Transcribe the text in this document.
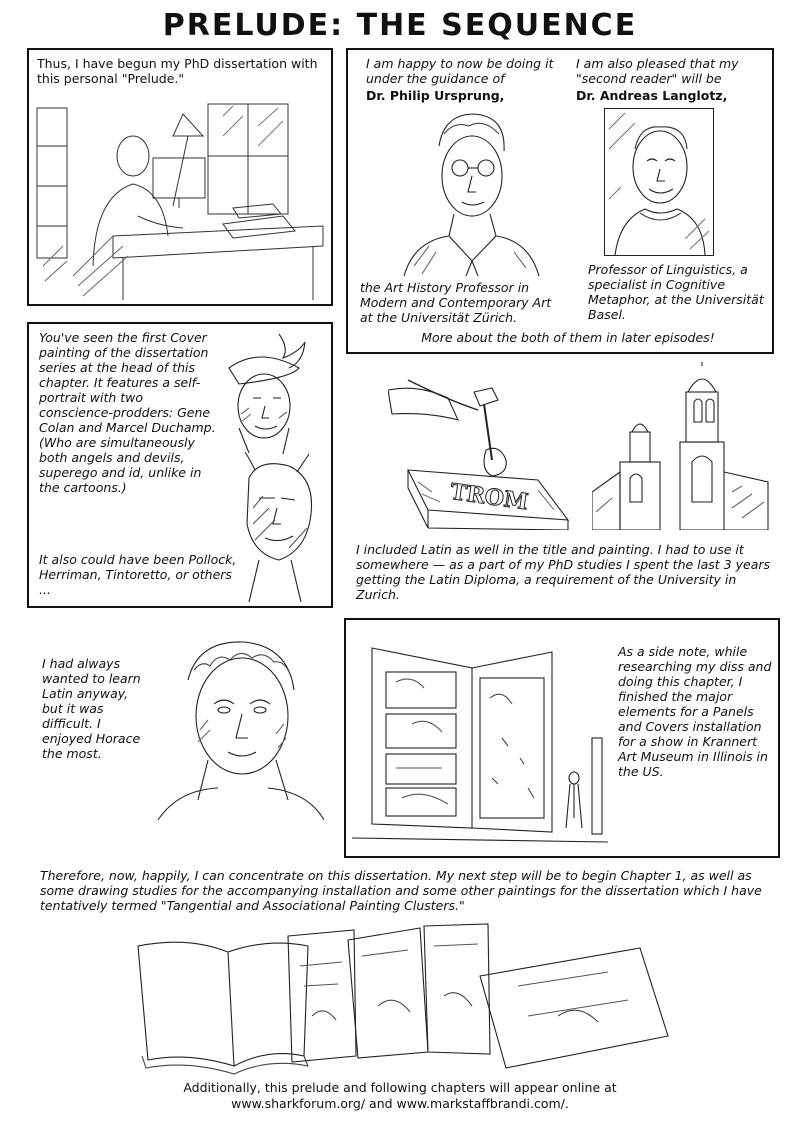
PRELUDE: THE SEQUENCE
Thus, I have begun my PhD dissertation with this personal "Prelude."
I am happy to now be doing it under the guidance of
Dr. Philip Ursprung,
the Art History Professor in Modern and Contemporary Art at the Universität Zürich.
I am also pleased that my "second reader" will be
Dr. Andreas Langlotz,
Professor of Linguistics, a specialist in Cognitive Metaphor, at the Universität Basel.
More about the both of them in later episodes!
You've seen the first Cover painting of the dissertation series at the head of this chapter. It features a self-portrait with two conscience-prodders: Gene Colan and Marcel Duchamp. (Who are simultaneously both angels and devils, superego and id, unlike in the cartoons.)
It also could have been Pollock, Herriman, Tintoretto, or others ...
TROM
I included Latin as well in the title and painting. I had to use it somewhere — as a part of my PhD studies I spent the last 3 years getting the Latin Diploma, a requirement of the University in Zurich.
I had always wanted to learn Latin anyway, but it was difficult. I enjoyed Horace the most.
As a side note, while researching my diss and doing this chapter, I finished the major elements for a Panels and Covers installation for a show in Krannert Art Museum in Illinois in the US.
Therefore, now, happily, I can concentrate on this dissertation. My next step will be to begin Chapter 1, as well as some drawing studies for the accompanying installation and some other paintings for the dissertation which I have tentatively termed "Tangential and Associational Painting Clusters."
Additionally, this prelude and following chapters will appear online at
www.sharkforum.org/ and www.markstaffbrandi.com/.
